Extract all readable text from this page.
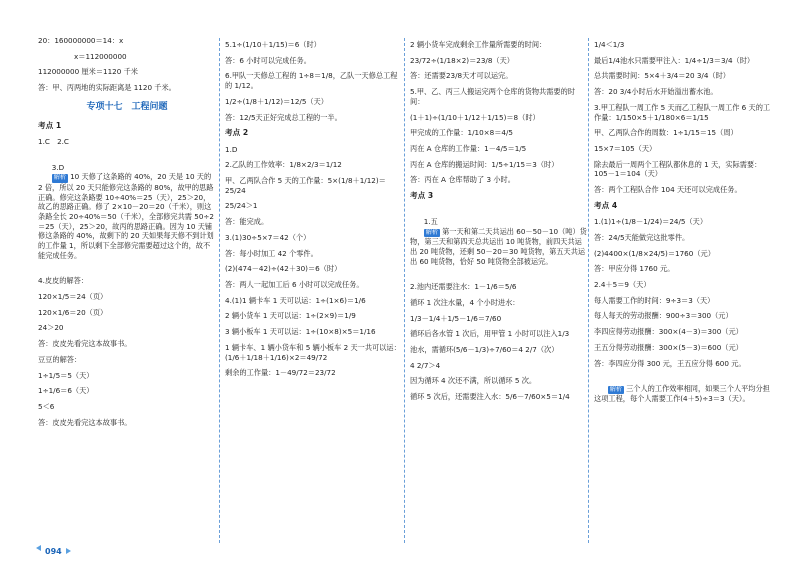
20：160000000＝14：x
x＝112000000
112000000 厘米＝1120 千米
答：甲、丙两地的实际距离是 1120 千米。
专项十七　工程问题
考点 1
1.C　2.C

3.D
解析 10 天修了这条路的 40%，20 天是 10 天的 2 倍，所以 20 天只能修完这条路的 80%，故甲的思路正确。修完这条路要 10÷40%＝25（天），25＞20，故乙的思路正确。修了 2×10－20＝20（千米），则这条路全长 20÷40%＝50（千米），全部修完共需 50÷2＝25（天），25＞20，故丙的思路正确。因为 10 天铺修这条路的 40%，故剩下的 20 天如果每天修不到计划的工作量 1，所以剩下全部修完需要超过这个的，故不能完成任务。

4.皮皮的解答：
120×1/5＝24（页）
120×1/6＝20（页）
24＞20
答：皮皮先看完这本故事书。
豆豆的解答：
1÷1/5＝5（天）
1÷1/6＝6（天）
5＜6
答：皮皮先看完这本故事书。
5.1÷(1/10＋1/15)＝6（时）
答：6 小时可以完成任务。
6.甲队一天修总工程的 1÷8＝1/8，乙队一天修总工程的 1/12。
1/2÷(1/8＋1/12)＝12/5（天）
答：12/5天正好完成总工程的一半。
考点 2
1.D
2.乙队的工作效率：1/8×2/3＝1/12
甲、乙两队合作 5 天的工作量：5×(1/8＋1/12)＝25/24
25/24＞1
答：能完成。
3.(1)30÷5×7＝42（个）
答：每小时加工 42 个零件。
(2)(474－42)÷(42＋30)＝6（时）
答：两人一起加工后 6 小时可以完成任务。
4.(1)1 辆卡车 1 天可以运：1÷(1×6)＝1/6
2 辆小货车 1 天可以运：1÷(2×9)＝1/9
3 辆小板车 1 天可以运：1÷(10×8)×5＝1/16
1 辆卡车、1 辆小货车和 5 辆小板车 2 天一共可以运：(1/6＋1/18＋1/16)×2＝49/72
剩余的工作量：1－49/72＝23/72
2 辆小货车完成剩余工作量所需要的时间：
23/72÷(1/18×2)＝23/8（天）
答：还需要23/8天才可以运完。
5.甲、乙、丙三人搬运完两个仓库的货物共需要的时间：
(1＋1)÷(1/10＋1/12＋1/15)＝8（时）
甲完成的工作量：1/10×8＝4/5
丙在 A 仓库的工作量：1－4/5＝1/5
丙在 A 仓库的搬运时间：1/5÷1/15＝3（时）
答：丙在 A 仓库帮助了 3 小时。
考点 3

1.五
解析 第一天和第二天共运出 60－50－10（吨）货物，第三天和第四天总共运出 10 吨货物，前四天共运出 20 吨货物，还剩 50－20＝30 吨货物，第五天共运出 60 吨货物，恰好 50 吨货物全部被运完。

2.池内还需要注水：1－1/6＝5/6
循环 1 次注水量，4 个小时进水：
1/3－1/4＋1/5－1/6＝7/60
循环后各水管 1 次后，用甲管 1 小时可以注入1/3
池水，需循环(5/6－1/3)÷7/60＝4 2/7（次）
4 2/7＞4
因为循环 4 次还不满，所以循环 5 次。
循环 5 次后，还需要注入水：5/6－7/60×5＝1/4
1/4＜1/3
最后1/4池水只需要甲注入：1/4÷1/3＝3/4（时）
总共需要时间：5×4＋3/4＝20 3/4（时）
答：20 3/4小时后水开始溢出蓄水池。
3.甲工程队一周工作 5 天而乙工程队一周工作 6 天的工作量：1/150×5＋1/180×6＝1/15
甲、乙两队合作的周数：1÷1/15＝15（周）
15×7＝105（天）
除去最后一周两个工程队都休息的 1 天，实际需要：105－1＝104（天）
答：两个工程队合作 104 天还可以完成任务。
考点 4
1.(1)1÷(1/8－1/24)＝24/5（天）
答：24/5天能做完这批零件。
(2)4400×(1/8×24/5)＝1760（元）
答：甲应分得 1760 元。
2.4＋5＝9（天）
每人需要工作的时间：9÷3＝3（天）
每人每天的劳动报酬：900÷3＝300（元）
李四应得劳动报酬：300×(4－3)＝300（元）
王五分得劳动报酬：300×(5－3)＝600（元）
答：李四应分得 300 元，王五应分得 600 元。

解析 三个人的工作效率相同，如果三个人平均分担这项工程，每个人需要工作(4＋5)÷3＝3（天）。

094
